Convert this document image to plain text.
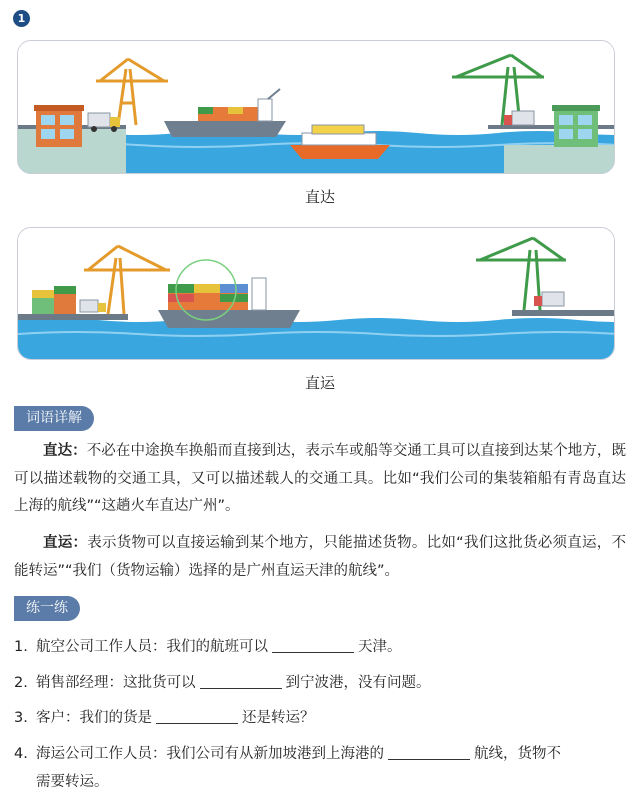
1
直达
直运
词语详解

直达：不必在中途换车换船而直接到达，表示车或船等交通工具可以直接到达某个地方，既可以描述载物的交通工具，又可以描述载人的交通工具。比如“我们公司的集装箱船有青岛直达上海的航线”“这趟火车直达广州”。

直运：表示货物可以直接运输到某个地方，只能描述货物。比如“我们这批货必须直运，不能转运”“我们（货物运输）选择的是广州直运天津的航线”。

练一练
1. 航空公司工作人员：我们的航班可以	天津。
2. 销售部经理：这批货可以	到宁波港，没有问题。
3. 客户：我们的货是	还是转运？
4. 海运公司工作人员：我们公司有从新加坡港到上海港的	航线，货物不
需要转运。
